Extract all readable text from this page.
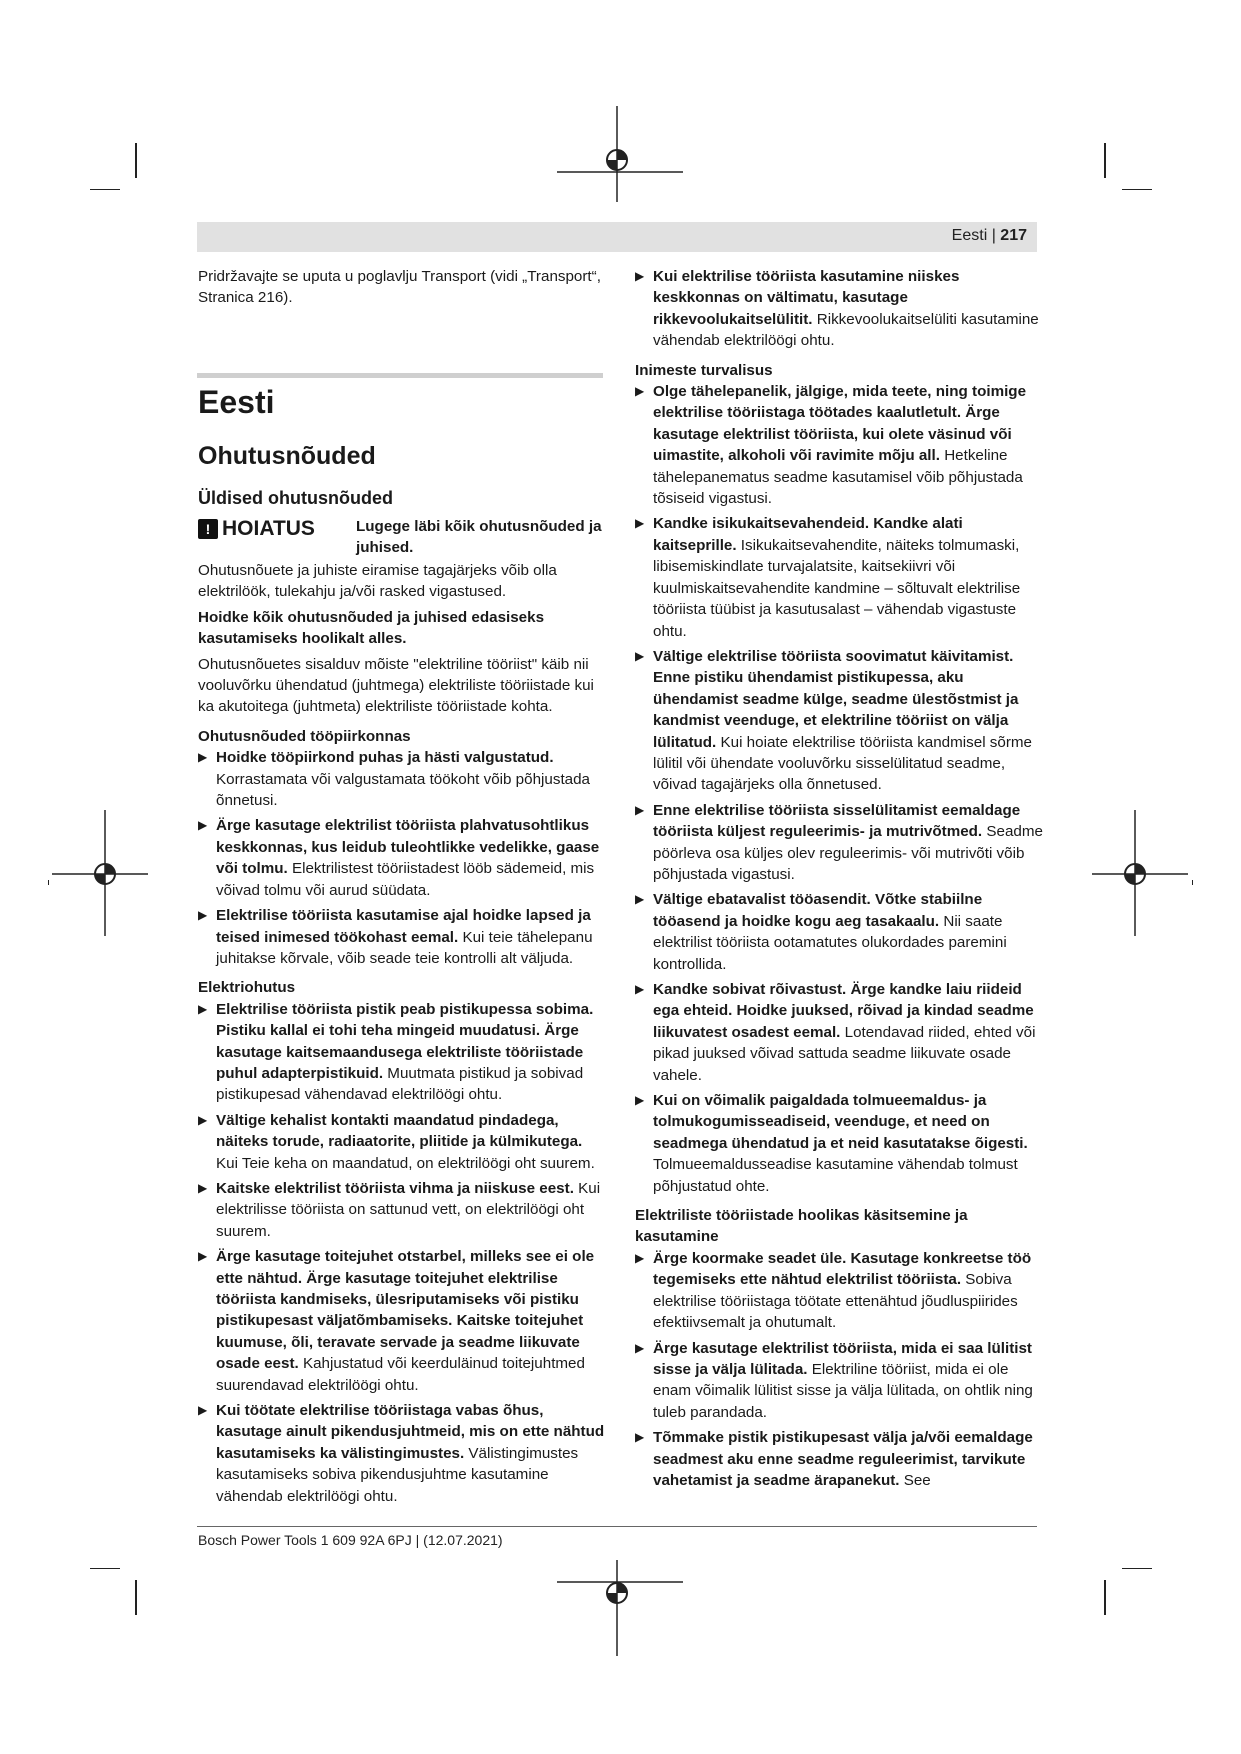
Eesti | 217

Pridržavajte se uputa u poglavlju Transport (vidi „Transport“, Stranica 216).

Eesti

Ohutusnõuded

Üldised ohutusnõuded

! HOIATUS	Lugege läbi kõik ohutusnõuded ja juhised.

Ohutusnõuete ja juhiste eiramise tagajärjeks võib olla elektrilöök, tulekahju ja/või rasked vigastused.

Hoidke kõik ohutusnõuded ja juhised edasiseks kasutamiseks hoolikalt alles.

Ohutusnõuetes sisalduv mõiste "elektriline tööriist" käib nii vooluvõrku ühendatud (juhtmega) elektriliste tööriistade kui ka akutoitega (juhtmeta) elektriliste tööriistade kohta.

Ohutusnõuded tööpiirkonnas

▶ Hoidke tööpiirkond puhas ja hästi valgustatud. Korrastamata või valgustamata töökoht võib põhjustada õnnetusi.
▶ Ärge kasutage elektrilist tööriista plahvatusohtlikus keskkonnas, kus leidub tuleohtlikke vedelikke, gaase või tolmu. Elektrilistest tööriistadest lööb sädemeid, mis võivad tolmu või aurud süüdata.
▶ Elektrilise tööriista kasutamise ajal hoidke lapsed ja teised inimesed töökohast eemal. Kui teie tähelepanu juhitakse kõrvale, võib seade teie kontrolli alt väljuda.

Elektriohutus

▶ Elektrilise tööriista pistik peab pistikupessa sobima. Pistiku kallal ei tohi teha mingeid muudatusi. Ärge kasutage kaitsemaandusega elektriliste tööriistade puhul adapterpistikuid. Muutmata pistikud ja sobivad pistikupesad vähendavad elektrilöögi ohtu.
▶ Vältige kehalist kontakti maandatud pindadega, näiteks torude, radiaatorite, pliitide ja külmikutega. Kui Teie keha on maandatud, on elektrilöögi oht suurem.
▶ Kaitske elektrilist tööriista vihma ja niiskuse eest. Kui elektrilisse tööriista on sattunud vett, on elektrilöögi oht suurem.
▶ Ärge kasutage toitejuhet otstarbel, milleks see ei ole ette nähtud. Ärge kasutage toitejuhet elektrilise tööriista kandmiseks, ülesriputamiseks või pistiku pistikupesast väljatõmbamiseks. Kaitske toitejuhet kuumuse, õli, teravate servade ja seadme liikuvate osade eest. Kahjustatud või keerduläinud toitejuhtmed suurendavad elektrilöögi ohtu.
▶ Kui töötate elektrilise tööriistaga vabas õhus, kasutage ainult pikendusjuhtmeid, mis on ette nähtud kasutamiseks ka välistingimustes. Välistingimustes kasutamiseks sobiva pikendusjuhtme kasutamine vähendab elektrilöögi ohtu.
▶ Kui elektrilise tööriista kasutamine niiskes keskkonnas on vältimatu, kasutage rikkevoolukaitselülitit. Rikkevoolukaitselüliti kasutamine vähendab elektrilöögi ohtu.

Inimeste turvalisus

▶ Olge tähelepanelik, jälgige, mida teete, ning toimige elektrilise tööriistaga töötades kaalutletult. Ärge kasutage elektrilist tööriista, kui olete väsinud või uimastite, alkoholi või ravimite mõju all. Hetkeline tähelepanematus seadme kasutamisel võib põhjustada tõsiseid vigastusi.
▶ Kandke isikukaitsevahendeid. Kandke alati kaitseprille. Isikukaitsevahendite, näiteks tolmumaski, libisemiskindlate turvajalatsite, kaitsekiivri või kuulmiskaitsevahendite kandmine – sõltuvalt elektrilise tööriista tüübist ja kasutusalast – vähendab vigastuste ohtu.
▶ Vältige elektrilise tööriista soovimatut käivitamist. Enne pistiku ühendamist pistikupessa, aku ühendamist seadme külge, seadme ülestõstmist ja kandmist veenduge, et elektriline tööriist on välja lülitatud. Kui hoiate elektrilise tööriista kandmisel sõrme lülitil või ühendate vooluvõrku sisselülitatud seadme, võivad tagajärjeks olla õnnetused.
▶ Enne elektrilise tööriista sisselülitamist eemaldage tööriista küljest reguleerimis- ja mutrivõtmed. Seadme pöörleva osa küljes olev reguleerimis- või mutrivõti võib põhjustada vigastusi.
▶ Vältige ebatavalist tööasendit. Võtke stabiilne tööasend ja hoidke kogu aeg tasakaalu. Nii saate elektrilist tööriista ootamatutes olukordades paremini kontrollida.
▶ Kandke sobivat rõivastust. Ärge kandke laiu riideid ega ehteid. Hoidke juuksed, rõivad ja kindad seadme liikuvatest osadest eemal. Lotendavad riided, ehted või pikad juuksed võivad sattuda seadme liikuvate osade vahele.
▶ Kui on võimalik paigaldada tolmueemaldus- ja tolmukogumisseadiseid, veenduge, et need on seadmega ühendatud ja et neid kasutatakse õigesti. Tolmueemaldusseadise kasutamine vähendab tolmust põhjustatud ohte.

Elektriliste tööriistade hoolikas käsitsemine ja kasutamine

▶ Ärge koormake seadet üle. Kasutage konkreetse töö tegemiseks ette nähtud elektrilist tööriista. Sobiva elektrilise tööriistaga töötate ettenähtud jõudluspiirides efektiivsemalt ja ohutumalt.
▶ Ärge kasutage elektrilist tööriista, mida ei saa lülitist sisse ja välja lülitada. Elektriline tööriist, mida ei ole enam võimalik lülitist sisse ja välja lülitada, on ohtlik ning tuleb parandada.
▶ Tõmmake pistik pistikupesast välja ja/või eemaldage seadmest aku enne seadme reguleerimist, tarvikute vahetamist ja seadme ärapanekut. See
Bosch Power Tools 1 609 92A 6PJ | (12.07.2021)
